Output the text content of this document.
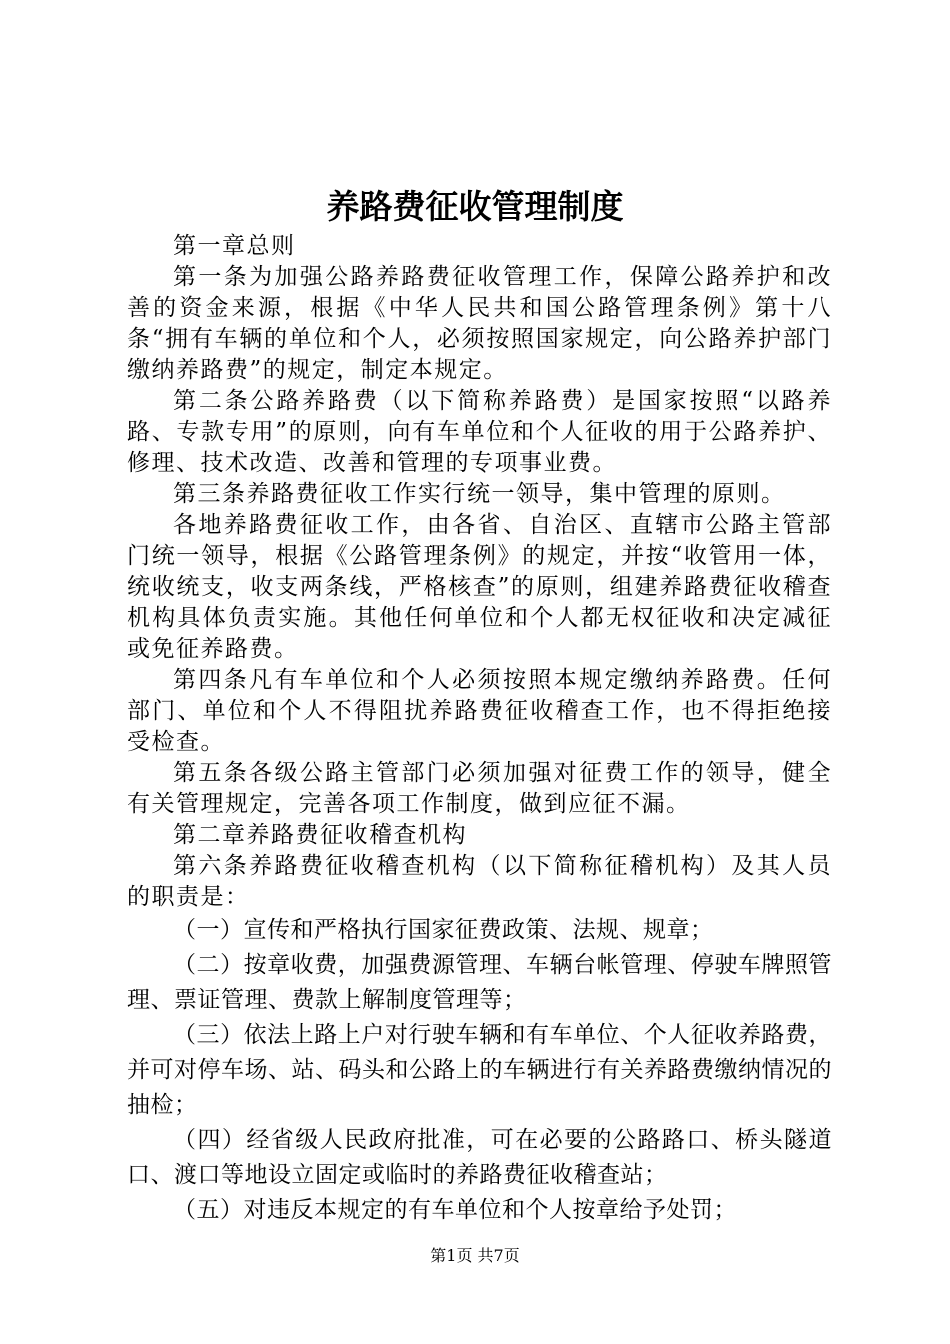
养路费征收管理制度

第一章总则

第一条为加强公路养路费征收管理工作，保障公路养护和改善的资金来源，根据《中华人民共和国公路管理条例》第十八条“拥有车辆的单位和个人，必须按照国家规定，向公路养护部门缴纳养路费”的规定，制定本规定。

第二条公路养路费（以下简称养路费）是国家按照“以路养路、专款专用”的原则，向有车单位和个人征收的用于公路养护、修理、技术改造、改善和管理的专项事业费。

第三条养路费征收工作实行统一领导，集中管理的原则。

各地养路费征收工作，由各省、自治区、直辖市公路主管部门统一领导，根据《公路管理条例》的规定，并按“收管用一体，统收统支，收支两条线，严格核查”的原则，组建养路费征收稽查机构具体负责实施。其他任何单位和个人都无权征收和决定减征或免征养路费。

第四条凡有车单位和个人必须按照本规定缴纳养路费。任何部门、单位和个人不得阻扰养路费征收稽查工作，也不得拒绝接受检查。

第五条各级公路主管部门必须加强对征费工作的领导，健全有关管理规定，完善各项工作制度，做到应征不漏。

第二章养路费征收稽查机构

第六条养路费征收稽查机构（以下简称征稽机构）及其人员的职责是：

（一）宣传和严格执行国家征费政策、法规、规章；

（二）按章收费，加强费源管理、车辆台帐管理、停驶车牌照管理、票证管理、费款上解制度管理等；

（三）依法上路上户对行驶车辆和有车单位、个人征收养路费，并可对停车场、站、码头和公路上的车辆进行有关养路费缴纳情况的抽检；

（四）经省级人民政府批准，可在必要的公路路口、桥头隧道口、渡口等地设立固定或临时的养路费征收稽查站；

（五）对违反本规定的有车单位和个人按章给予处罚；

第1页 共7页
